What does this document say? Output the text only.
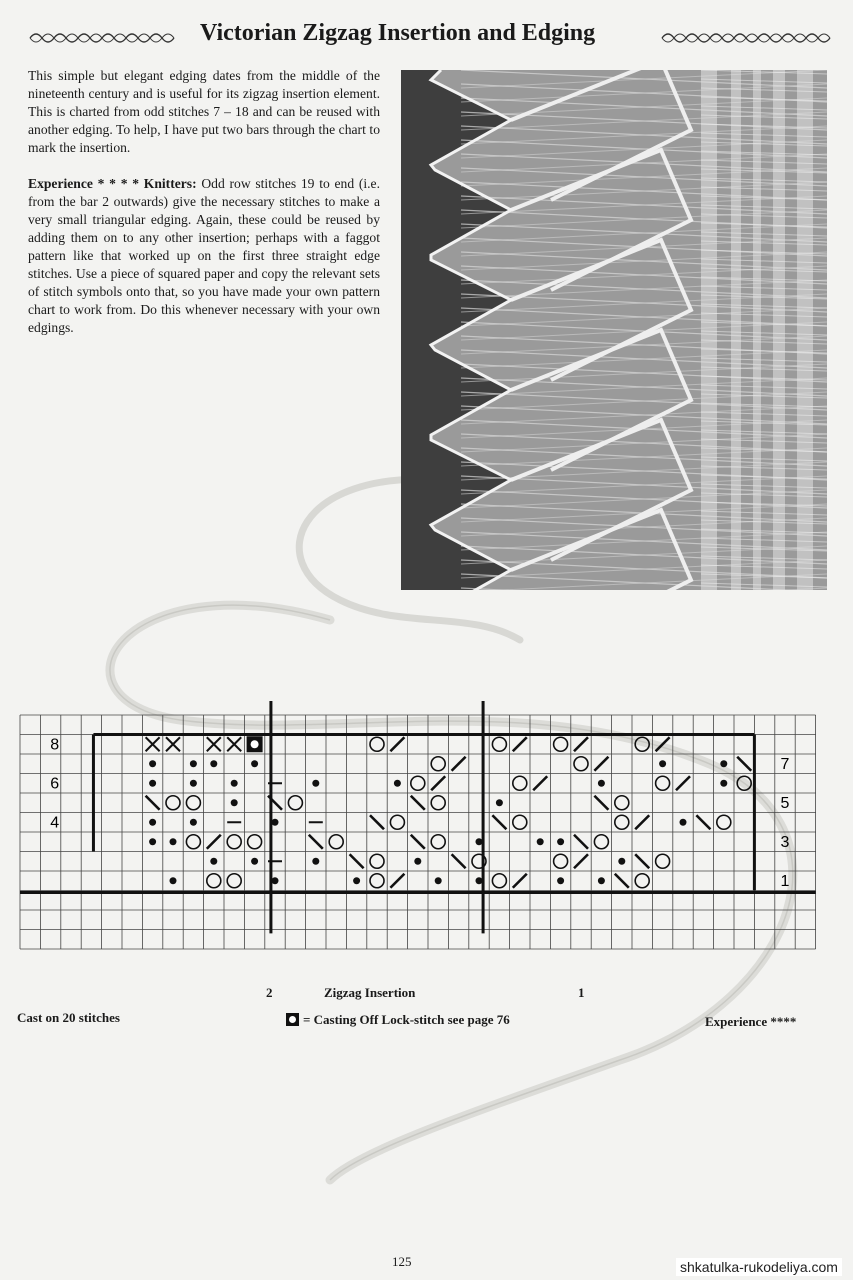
Victorian Zigzag Insertion and Edging

This simple but elegant edging dates from the middle of the nineteenth century and is useful for its zigzag insertion element. This is charted from odd stitches 7 – 18 and can be reused with another edging. To help, I have put two bars through the chart to mark the insertion.

Experience * * * * Knitters: Odd row stitches 19 to end (i.e. from the bar 2 outwards) give the necessary stitches to make a very small triangular edging. Again, these could be reused by adding them on to any other insertion; perhaps with a faggot pattern like that worked up on the first three straight edge stitches. Use a piece of squared paper and copy the relevant sets of stitch symbols onto that, so you have made your own pattern chart to work from. Do this whenever necessary with your own edgings.

8
6
4
7
5
3
1
2	Zigzag Insertion	1
Cast on 20 stitches	= Casting Off Lock-stitch see page 76	Experience ****
125	shkatulka-rukodeliya.com
